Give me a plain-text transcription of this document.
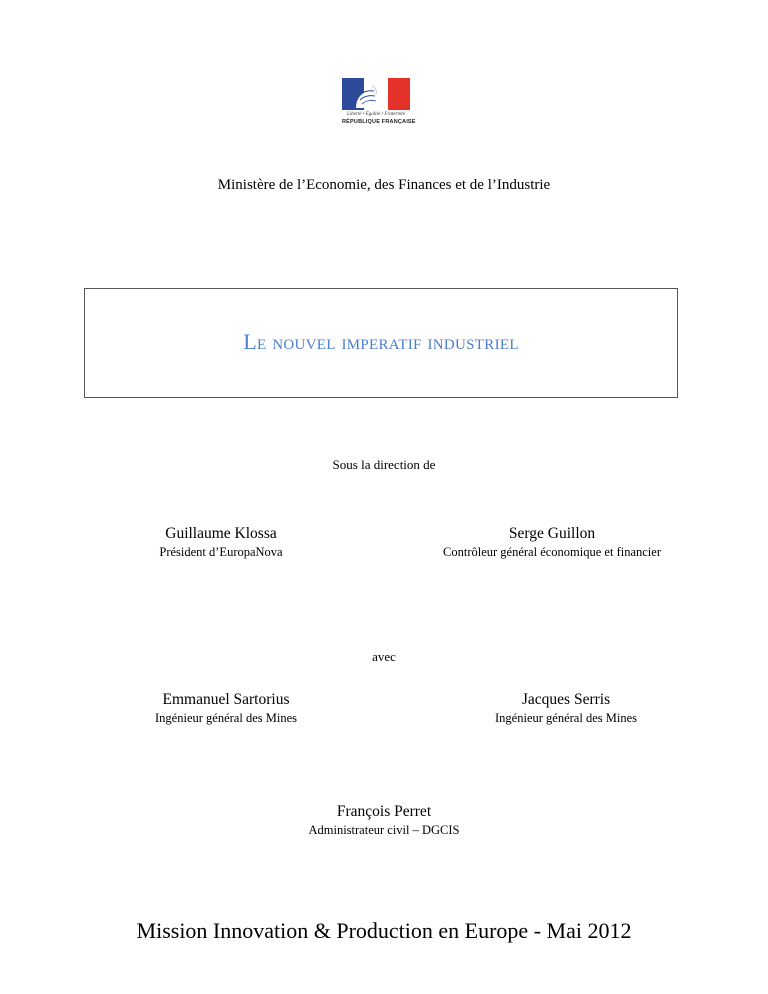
Liberté • Égalité • Fraternité
RÉPUBLIQUE FRANÇAISE
Ministère de l’Economie, des Finances et de l’Industrie
Le nouvel imperatif industriel
Sous la direction de
Guillaume Klossa
Président d’EuropaNova
Serge Guillon
Contrôleur général économique et financier
avec
Emmanuel Sartorius
Ingénieur général des Mines
Jacques Serris
Ingénieur général des Mines
François Perret
Administrateur civil – DGCIS
Mission Innovation & Production en Europe - Mai 2012
